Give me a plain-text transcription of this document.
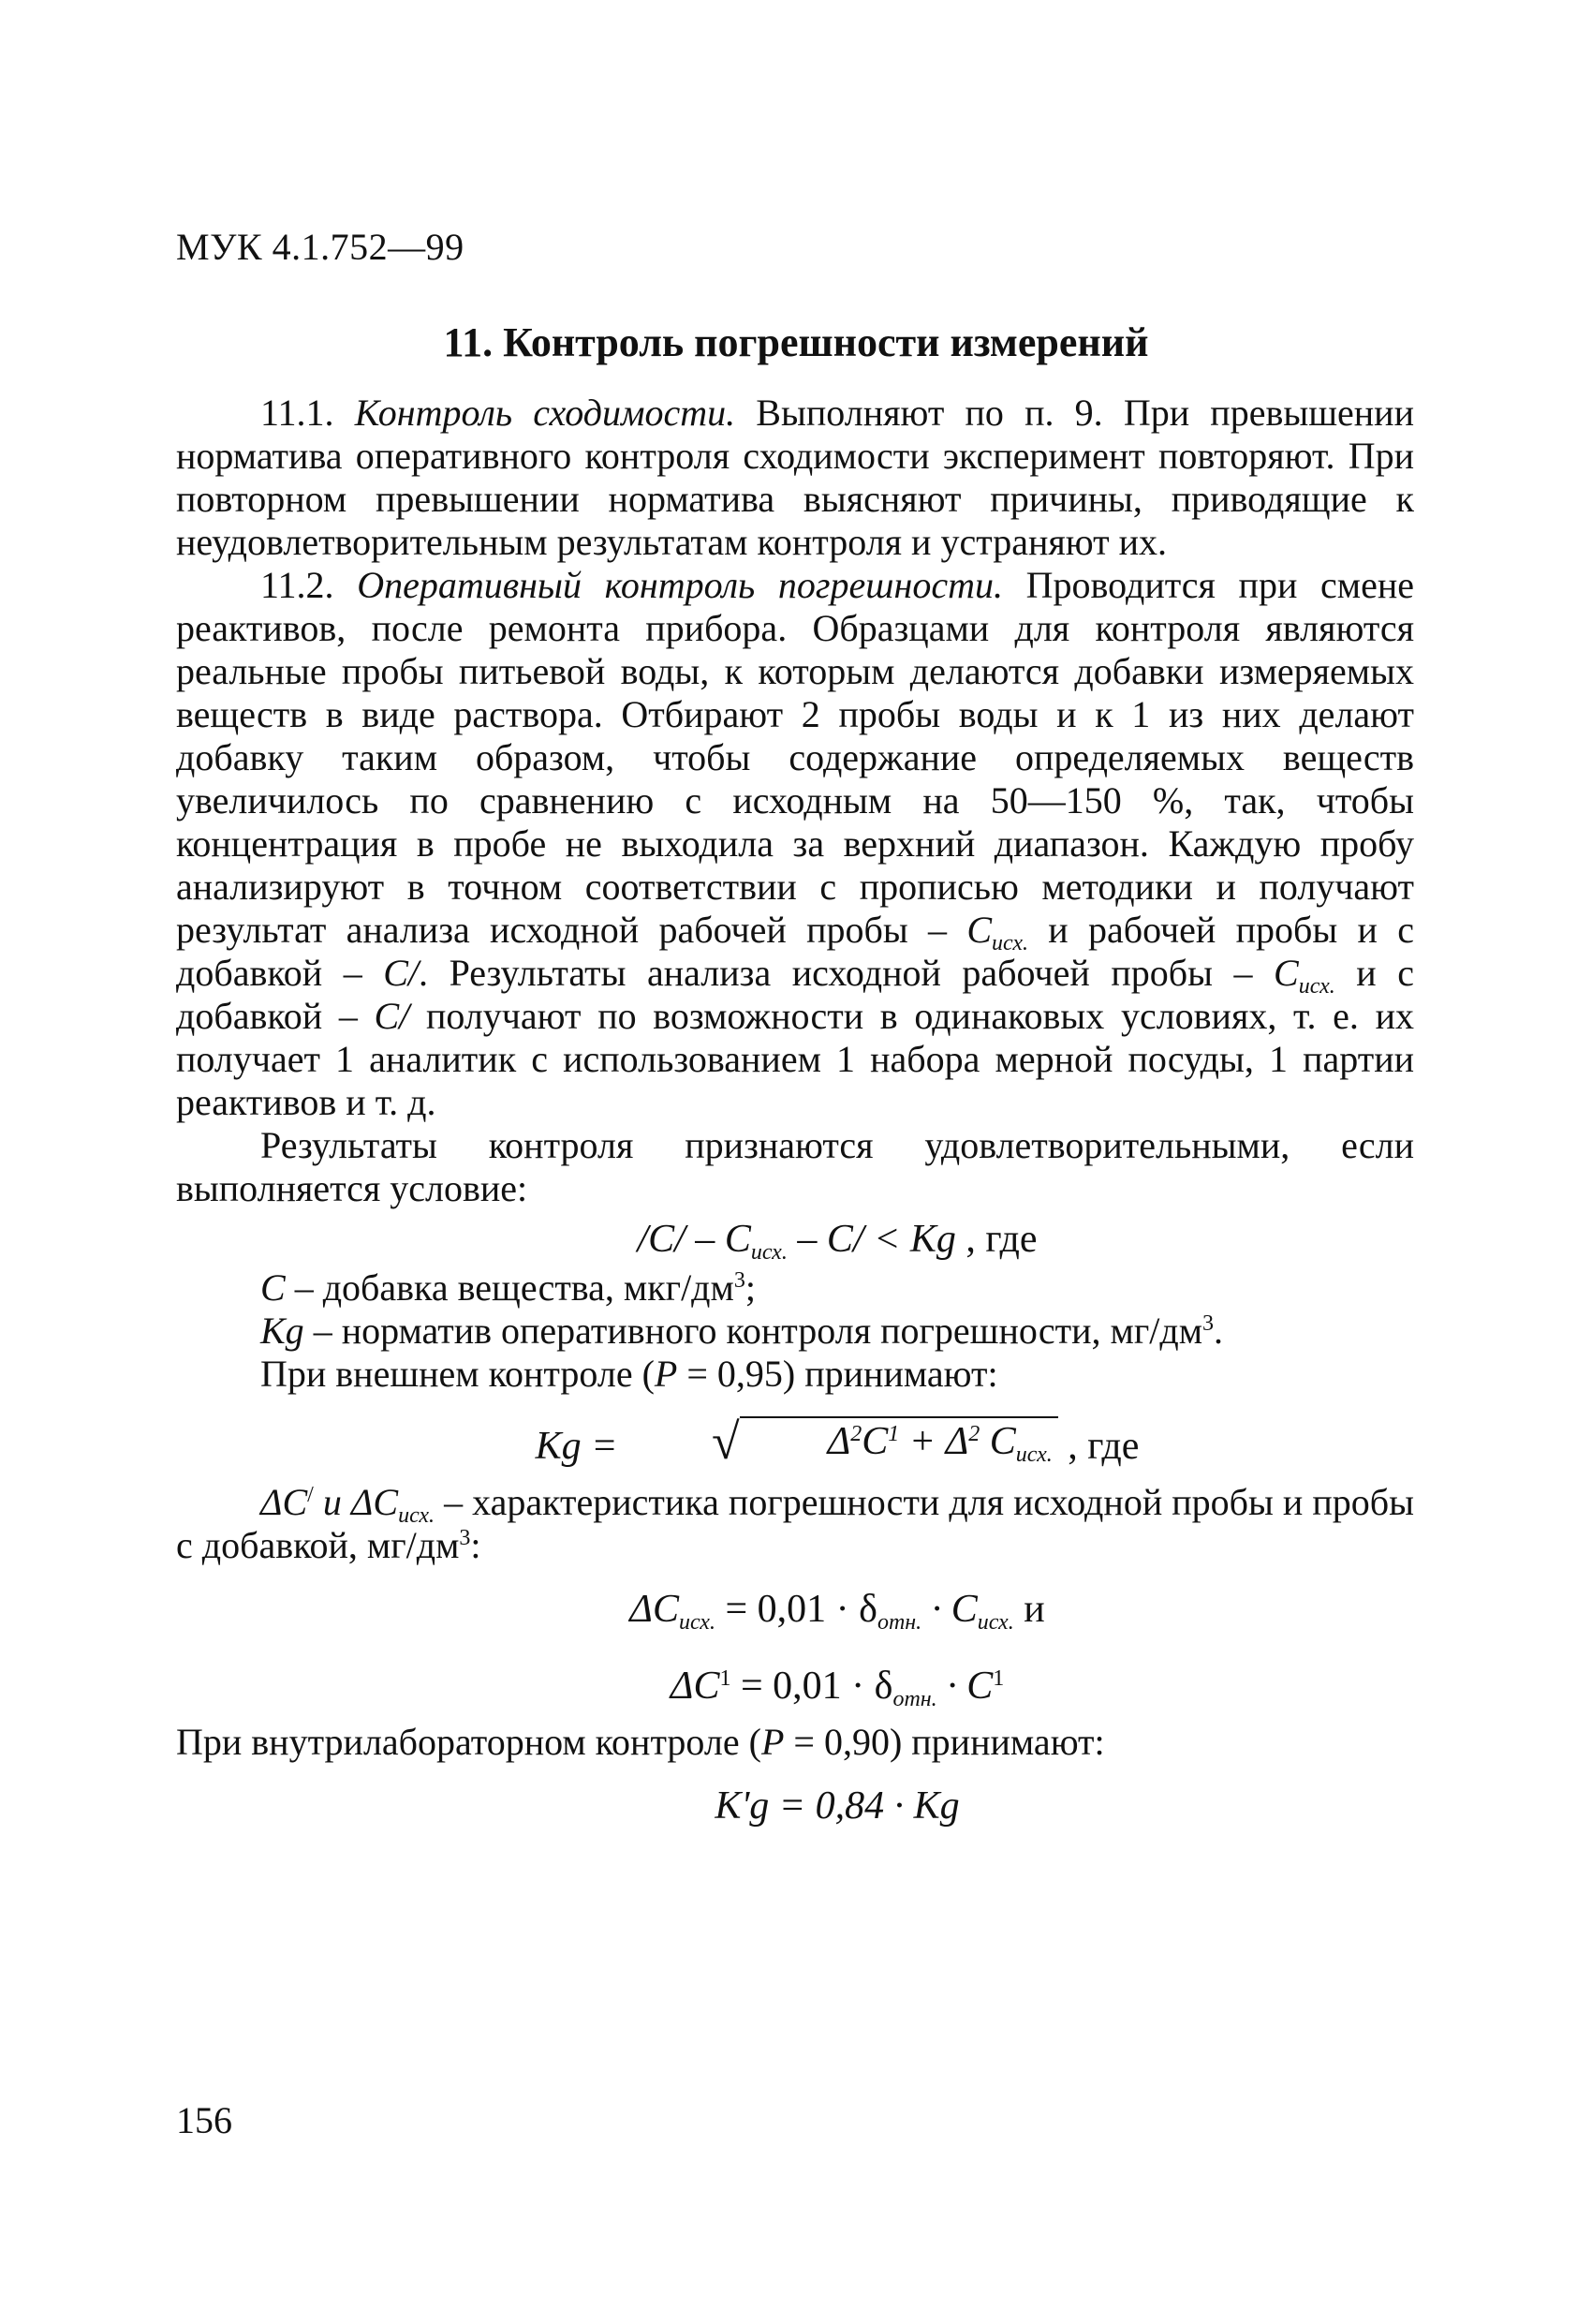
МУК 4.1.752—99
11. Контроль погрешности измерений

11.1. Контроль сходимости. Выполняют по п. 9. При превышении норматива оперативного контроля сходимости эксперимент повторяют. При повторном превышении норматива выясняют причины, приводящие к неудовлетворительным результатам контроля и устраняют их.

11.2. Оперативный контроль погрешности. Проводится при смене реактивов, после ремонта прибора. Образцами для контроля являются реальные пробы питьевой воды, к которым делаются добавки измеряемых веществ в виде раствора. Отбирают 2 пробы воды и к 1 из них делают добавку таким образом, чтобы содержание определяемых веществ увеличилось по сравнению с исходным на 50—150 %, так, чтобы концентрация в пробе не выходила за верхний диапазон. Каждую пробу анализируют в точном соответствии с прописью методики и получают результат анализа исходной рабочей пробы – $C_{исх.}$ и рабочей пробы и с добавкой – C/. Результаты анализа исходной рабочей пробы – $C_{исх.}$ и с добавкой – C/ получают по возможности в одинаковых условиях, т. е. их получает 1 аналитик с использованием 1 набора мерной посуды, 1 партии реактивов и т. д.

Результаты контроля признаются удовлетворительными, если выполняется условие:

$/C/ - C_{исх.} - C/ < Kg$ , где

C – добавка вещества, мкг/$дм^3$;

Kg – норматив оперативного контроля погрешности, $мг/дм^3$.

При внешнем контроле (P = 0,95) принимают:

Kg =	√	$\Delta^2C^1 + \Delta^2$ $C_{исх.}$ , где

ΔC/ и $\Delta C_{исх.}$ – характеристика погрешности для исходной пробы и пробы с добавкой, $мг/дм^3$:

$\Delta C_{исх.} = 0,01 \cdot \delta_{отн.} \cdot C_{исх.}$ и

$\Delta C^1 = 0,01 \cdot \delta_{отн.} \cdot C^1$

При внутрилабораторном контроле (P = 0,90) принимают:

K'g = 0,84 · Kg

156
